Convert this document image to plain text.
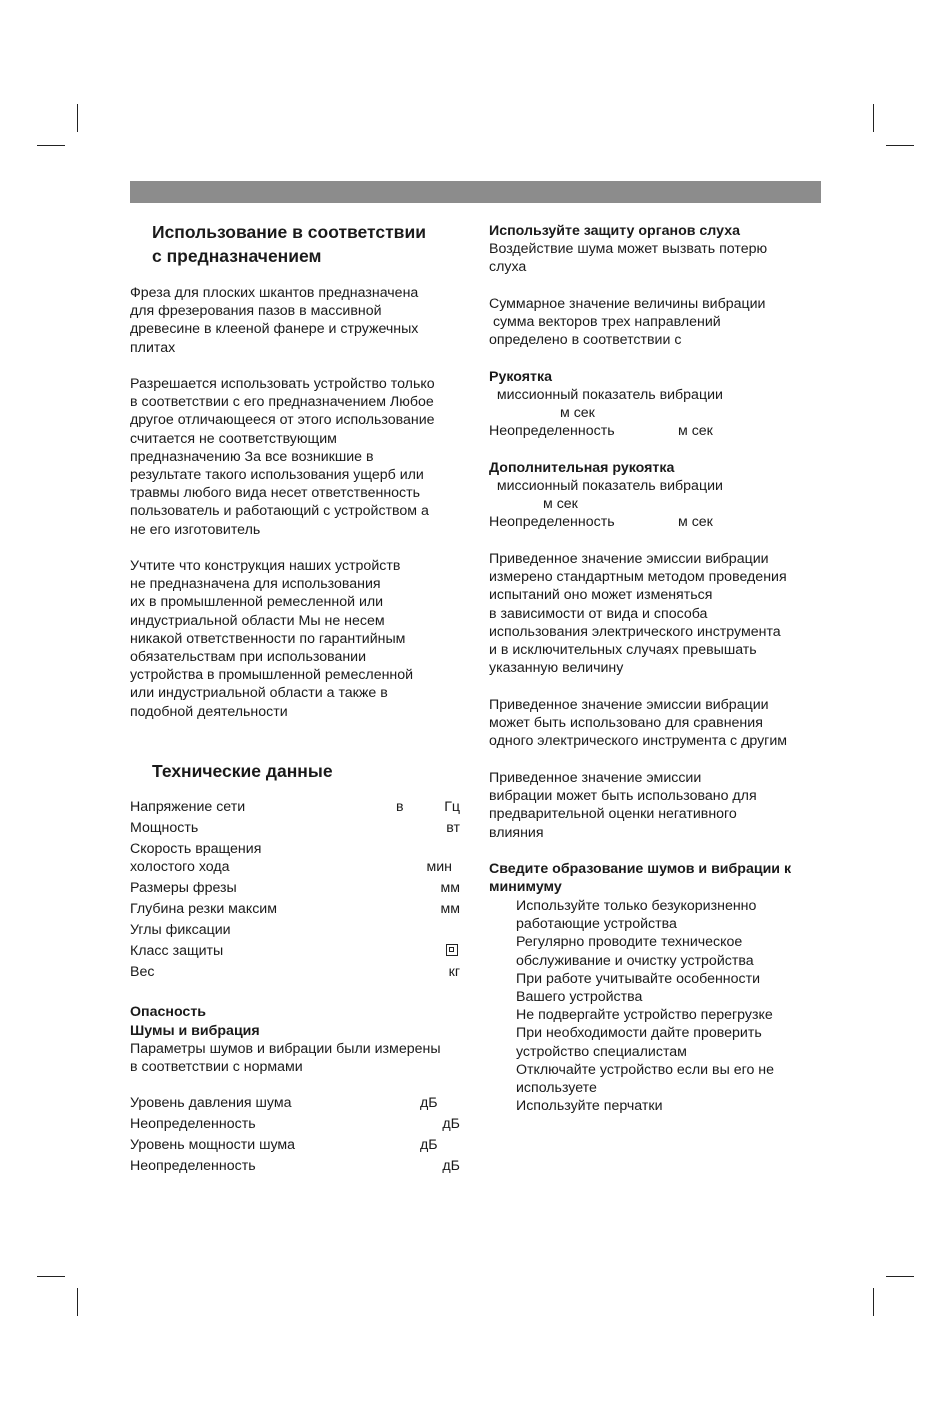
Использование в соответствии
с предназначением
Фреза для плоских шкантов предназначена
для фрезерования пазов в массивной
древесине в клееной фанере и стружечных
плитах
Разрешается использовать устройство только
в соответствии с его предназначением Любое
другое отличающееся от этого использование
считается не соответствующим
предназначению За все возникшие в
результате такого использования ущерб или
травмы любого вида несет ответственность
пользователь и работающий с устройством а
не его изготовитель
Учтите что конструкция наших устройств
не предназначена для использования
их в промышленной ремесленной или
индустриальной области Мы не несем
никакой ответственности по гарантийным
обязательствам при использовании
устройства в промышленной ремесленной
или индустриальной области а также в
подобной деятельности
Технические данные
Напряжение сети	в	Гц
Мощность	вт
Скорость вращения
холостого хода	мин
Размеры фрезы	мм
Глубина резки максим	мм
Углы фиксации
Класс защиты
Вес	кг
Опасность
Шумы и вибрация
Параметры шумов и вибрации были измерены
в соответствии с нормами
Уровень давления шума	дБ
Неопределенность	дБ
Уровень мощности шума	дБ
Неопределенность	дБ
Используйте защиту органов слуха
Воздействие шума может вызвать потерю
слуха
Суммарное значение величины вибрации
сумма векторов трех направлений
определено в соответствии с
Рукоятка
миссионный показатель вибрации
м сек
Неопределенность	м сек
Дополнительная рукоятка
миссионный показатель вибрации
м сек
Неопределенность	м сек
Приведенное значение эмиссии вибрации
измерено стандартным методом проведения
испытаний оно может изменяться
в зависимости от вида и способа
использования электрического инструмента
и в исключительных случаях превышать
указанную величину
Приведенное значение эмиссии вибрации
может быть использовано для сравнения
одного электрического инструмента с другим
Приведенное значение эмиссии
вибрации может быть использовано для
предварительной оценки негативного
влияния
Сведите образование шумов и вибрации к
минимуму
Используйте только безукоризненно
работающие устройства
Регулярно проводите техническое
обслуживание и очистку устройства
При работе учитывайте особенности
Вашего устройства
Не подвергайте устройство перегрузке
При необходимости дайте проверить
устройство специалистам
Отключайте устройство если вы его не
используете
Используйте перчатки
